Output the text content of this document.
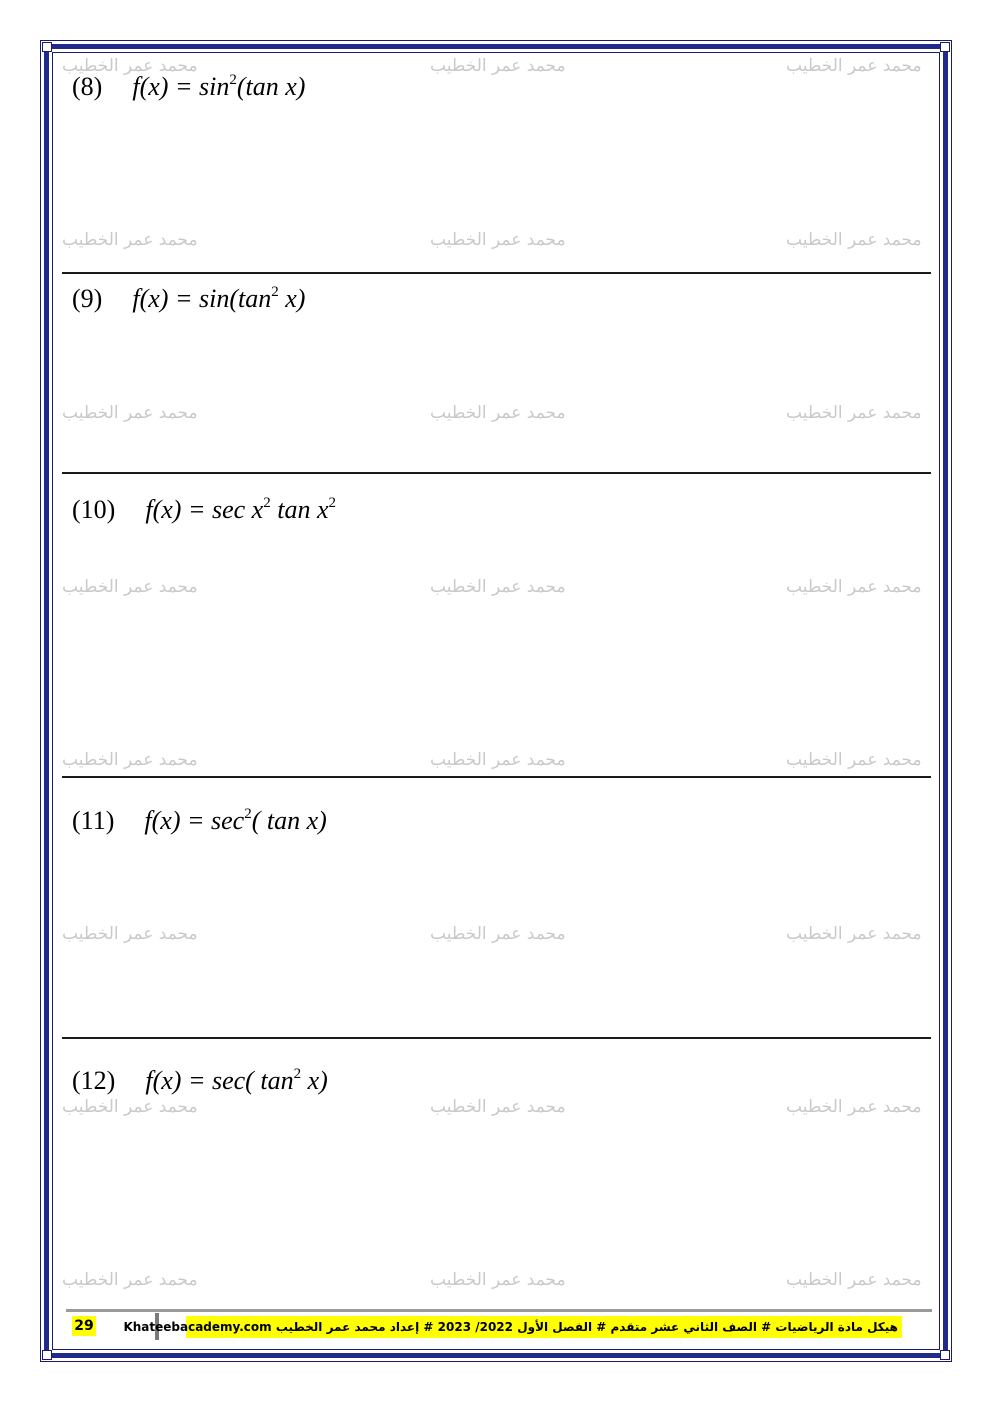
محمد عمر الخطيب	محمد عمر الخطيب	محمد عمر الخطيب
محمد عمر الخطيب	محمد عمر الخطيب	محمد عمر الخطيب
محمد عمر الخطيب	محمد عمر الخطيب	محمد عمر الخطيب
محمد عمر الخطيب	محمد عمر الخطيب	محمد عمر الخطيب
محمد عمر الخطيب	محمد عمر الخطيب	محمد عمر الخطيب
محمد عمر الخطيب	محمد عمر الخطيب	محمد عمر الخطيب
محمد عمر الخطيب	محمد عمر الخطيب	محمد عمر الخطيب
محمد عمر الخطيب	محمد عمر الخطيب	محمد عمر الخطيب
(8) $f(x) = \sin^2(\tan$ x)
(9) $f(x) = \sin(\tan^2$ x)
(10) $f(x) = \sec x^2$ $\tan x^2$
(11) $f(x) = \sec^2$( tan x)
(12) f(x) = sec( $\tan^2 x$)
29 هيكل مادة الرياضيات # الصف الثاني عشر متقدم # الفصل الأول 2022/ 2023 # إعداد محمد عمر الخطيب Khateebacademy.com
